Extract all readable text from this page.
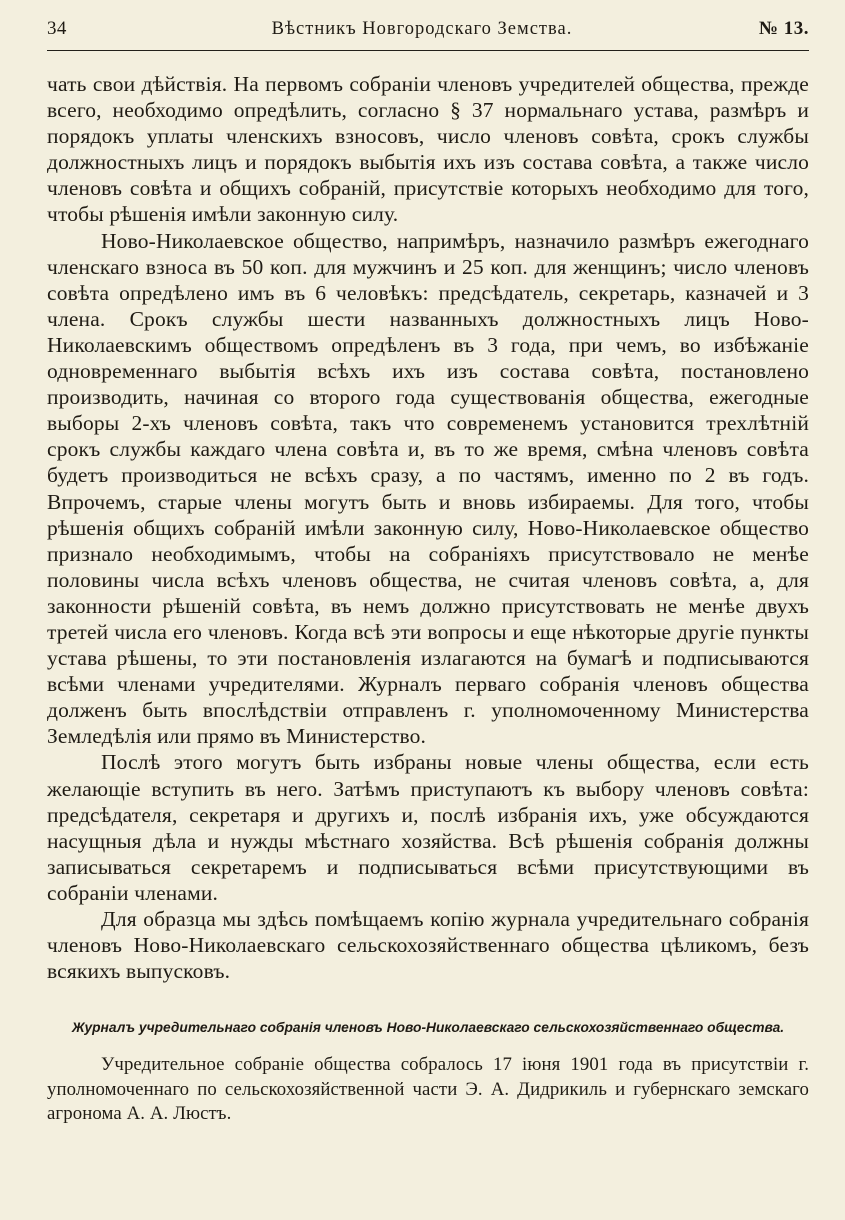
34	Вѣстникъ Новгородскаго Земства.	№ 13.

чать свои дѣйствія. На первомъ собраніи членовъ учредителей общества, прежде всего, необходимо опредѣлить, согласно § 37 нормальнаго устава, размѣръ и порядокъ уплаты членскихъ взносовъ, число членовъ совѣта, срокъ службы должностныхъ лицъ и порядокъ выбытія ихъ изъ состава совѣта, а также число членовъ совѣта и общихъ собраній, присутствіе которыхъ необходимо для того, чтобы рѣшенія имѣли законную силу.

Ново-Николаевское общество, напримѣръ, назначило размѣръ ежегоднаго членскаго взноса въ 50 коп. для мужчинъ и 25 коп. для женщинъ; число членовъ совѣта опредѣлено имъ въ 6 человѣкъ: предсѣдатель, секретарь, казначей и 3 члена. Срокъ службы шести названныхъ должностныхъ лицъ Ново-Николаевскимъ обществомъ опредѣленъ въ 3 года, при чемъ, во избѣжаніе одновременнаго выбытія всѣхъ ихъ изъ состава совѣта, постановлено производить, начиная со второго года существованія общества, ежегодные выборы 2-хъ членовъ совѣта, такъ что современемъ установится трехлѣтній срокъ службы каждаго члена совѣта и, въ то же время, смѣна членовъ совѣта будетъ производиться не всѣхъ сразу, а по частямъ, именно по 2 въ годъ. Впрочемъ, старые члены могутъ быть и вновь избираемы. Для того, чтобы рѣшенія общихъ собраній имѣли законную силу, Ново-Николаевское общество признало необходимымъ, чтобы на собраніяхъ присутствовало не менѣе половины числа всѣхъ членовъ общества, не считая членовъ совѣта, а, для законности рѣшеній совѣта, въ немъ должно присутствовать не менѣе двухъ третей числа его членовъ. Когда всѣ эти вопросы и еще нѣкоторые другіе пункты устава рѣшены, то эти постановленія излагаются на бумагѣ и подписываются всѣми членами учредителями. Журналъ перваго собранія членовъ общества долженъ быть впослѣдствіи отправленъ г. уполномоченному Министерства Земледѣлія или прямо въ Министерство.

Послѣ этого могутъ быть избраны новые члены общества, если есть желающіе вступить въ него. Затѣмъ приступаютъ къ выбору членовъ совѣта: предсѣдателя, секретаря и другихъ и, послѣ избранія ихъ, уже обсуждаются насущныя дѣла и нужды мѣстнаго хозяйства. Всѣ рѣшенія собранія должны записываться секретаремъ и подписываться всѣми присутствующими въ собраніи членами.

Для образца мы здѣсь помѣщаемъ копію журнала учредительнаго собранія членовъ Ново-Николаевскаго сельскохозяйственнаго общества цѣликомъ, безъ всякихъ выпусковъ.

Журналъ учредительнаго собранія членовъ Ново-Николаевскаго сельскохозяйственнаго общества.

Учредительное собраніе общества собралось 17 іюня 1901 года въ присутствіи г. уполномоченнаго по сельскохозяйственной части Э. А. Дидрикиль и губернскаго земскаго агронома А. А. Люстъ.
